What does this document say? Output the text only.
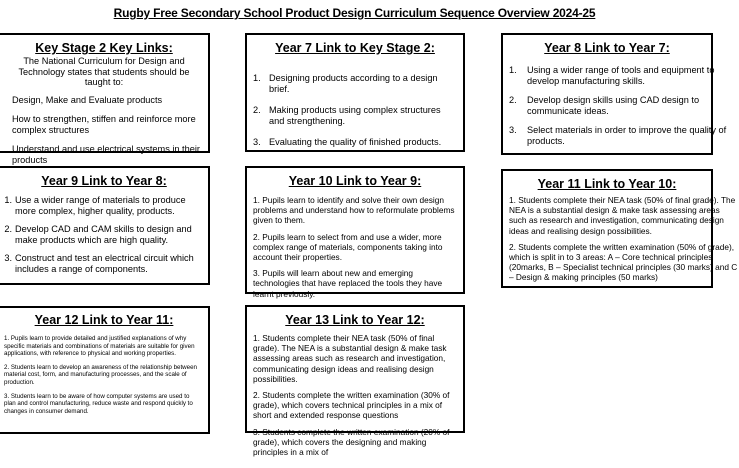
Rugby Free Secondary School Product Design Curriculum Sequence Overview 2024-25
Key Stage 2 Key Links:

The National Curriculum for Design and Technology states that students should be taught to:

Design, Make and Evaluate products

How to strengthen, stiffen and reinforce more complex structures

Understand and use electrical systems in their products

Year 7 Link to Key Stage 2:
1. Designing products according to a design brief.
2. Making products using complex structures and strengthening.
3. Evaluating the quality of finished products.
Year 8 Link to Year 7:
1.	Using a wider range of tools and equipment to develop manufacturing skills.
2.	Develop design skills using CAD design to communicate ideas.
3.	Select materials in order to improve the quality of products.
Year 9 Link to Year 8:
1. Use a wider range of materials to produce more complex, higher quality, products.
2. Develop CAD and CAM skills to design and make products which are high quality.
3. Construct and test an electrical circuit which includes a range of components.
Year 10 Link to Year 9:

1. Pupils learn to identify and solve their own design problems and understand how to reformulate problems given to them.

2. Pupils learn to select from and use a wider, more complex range of materials, components taking into account their properties.

3. Pupils will learn about new and emerging technologies that have replaced the tools they have learnt previously.

Year 11 Link to Year 10:

1. Students complete their NEA task (50% of final grade). The NEA is a substantial design & make task assessing areas such as research and investigation, communicating design ideas and realising design possibilities.

2. Students complete the written examination (50% of grade), which is split in to 3 areas: A – Core technical principles (20marks, B – Specialist technical principles (30 marks) and C – Design & making principles (50 marks)

Year 12 Link to Year 11:

1. Pupils learn to provide detailed and justified explanations of why specific materials and combinations of materials are suitable for given applications, with reference to physical and working properties.

2. Students learn to develop an awareness of the relationship between material cost, form, and manufacturing processes, and the scale of production.

3. Students learn to be aware of how computer systems are used to plan and control manufacturing, reduce waste and respond quickly to changes in consumer demand.

Year 13 Link to Year 12:

1. Students complete their NEA task (50% of final grade). The NEA is a substantial design & make task assessing areas such as research and investigation, communicating design ideas and realising design possibilities.

2. Students complete the written examination (30% of grade), which covers technical principles in a mix of short and extended response questions

3. Students complete the written examination (20% of grade), which covers the designing and making principles in a mix of
